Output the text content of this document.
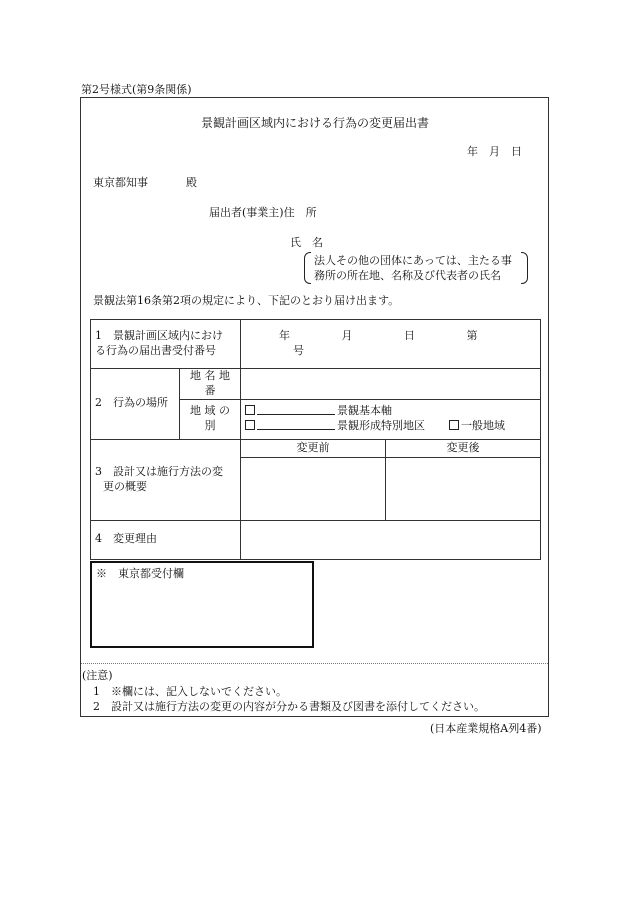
第2号様式(第9条関係)
景観計画区域内における行為の変更届出書
年　月　日
東京都知事	殿
届出者(事業主)住　所
氏　名
法人その他の団体にあっては、主たる事
務所の所在地、名称及び代表者の氏名
景観法第16条第2項の規定により、下記のとおり届け出ます。
1　景観計画区域内におけ
る行為の届出書受付番号		年 月 日 第 号	
2　行為の場所	地 名 地 番		
	地 域 の 別	景観基本軸
景観形成特別地区 一般地域	

3　設計又は施行方法の変
更の概要		変更前	変更後

4　変更理由			
※　東京都受付欄
(注意)
1　※欄には、記入しないでください。
2　設計又は施行方法の変更の内容が分かる書類及び図書を添付してください。
(日本産業規格A列4番)
